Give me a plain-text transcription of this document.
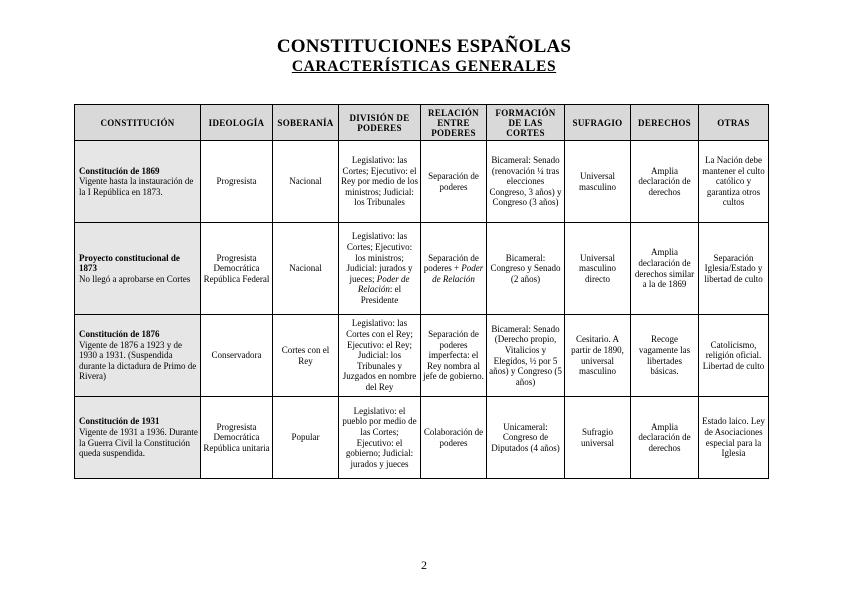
CONSTITUCIONES ESPAÑOLAS
CARACTERÍSTICAS GENERALES
CONSTITUCIÓN	IDEOLOGÍA	SOBERANÍA	DIVISIÓN DE PODERES	RELACIÓN ENTRE PODERES	FORMACIÓN DE LAS CORTES	SUFRAGIO	DERECHOS	OTRAS

Constitución de 1869
Vigente hasta la instauración de la I República en 1873.	Progresista	Nacional	Legislativo: las Cortes; Ejecutivo: el Rey por medio de los ministros; Judicial: los Tribunales	Separación de poderes	Bicameral: Senado (renovación ¼ tras elecciones Congreso, 3 años) y Congreso (3 años)	Universal masculino	Amplia declaración de derechos	La Nación debe mantener el culto católico y garantiza otros cultos

Proyecto constitucional de 1873
No llegó a aprobarse en Cortes	Progresista Democrática República Federal	Nacional	Legislativo: las Cortes; Ejecutivo: los ministros; Judicial: jurados y jueces; Poder de Relación: el Presidente	Separación de poderes + Poder de Relación	Bicameral: Congreso y Senado (2 años)	Universal masculino directo	Amplia declaración de derechos similar a la de 1869	Separación Iglesia/Estado y libertad de culto

Constitución de 1876
Vigente de 1876 a 1923 y de 1930 a 1931. (Suspendida durante la dictadura de Primo de Rivera)	Conservadora	Cortes con el Rey	Legislativo: las Cortes con el Rey; Ejecutivo: el Rey; Judicial: los Tribunales y Juzgados en nombre del Rey	Separación de poderes imperfecta: el Rey nombra al jefe de gobierno.	Bicameral: Senado (Derecho propio, Vitalicios y Elegidos, ½ por 5 años) y Congreso (5 años)	Cesitario. A partir de 1890, universal masculino	Recoge vagamente las libertades básicas.	Catolicismo, religión oficial. Libertad de culto

Constitución de 1931
Vigente de 1931 a 1936. Durante la Guerra Civil la Constitución queda suspendida.	Progresista Democrática República unitaria	Popular	Legislativo: el pueblo por medio de las Cortes; Ejecutivo: el gobierno; Judicial: jurados y jueces	Colaboración de poderes	Unicameral: Congreso de Diputados (4 años)	Sufragio universal	Amplia declaración de derechos	Estado laico. Ley de Asociaciones especial para la Iglesia
2
